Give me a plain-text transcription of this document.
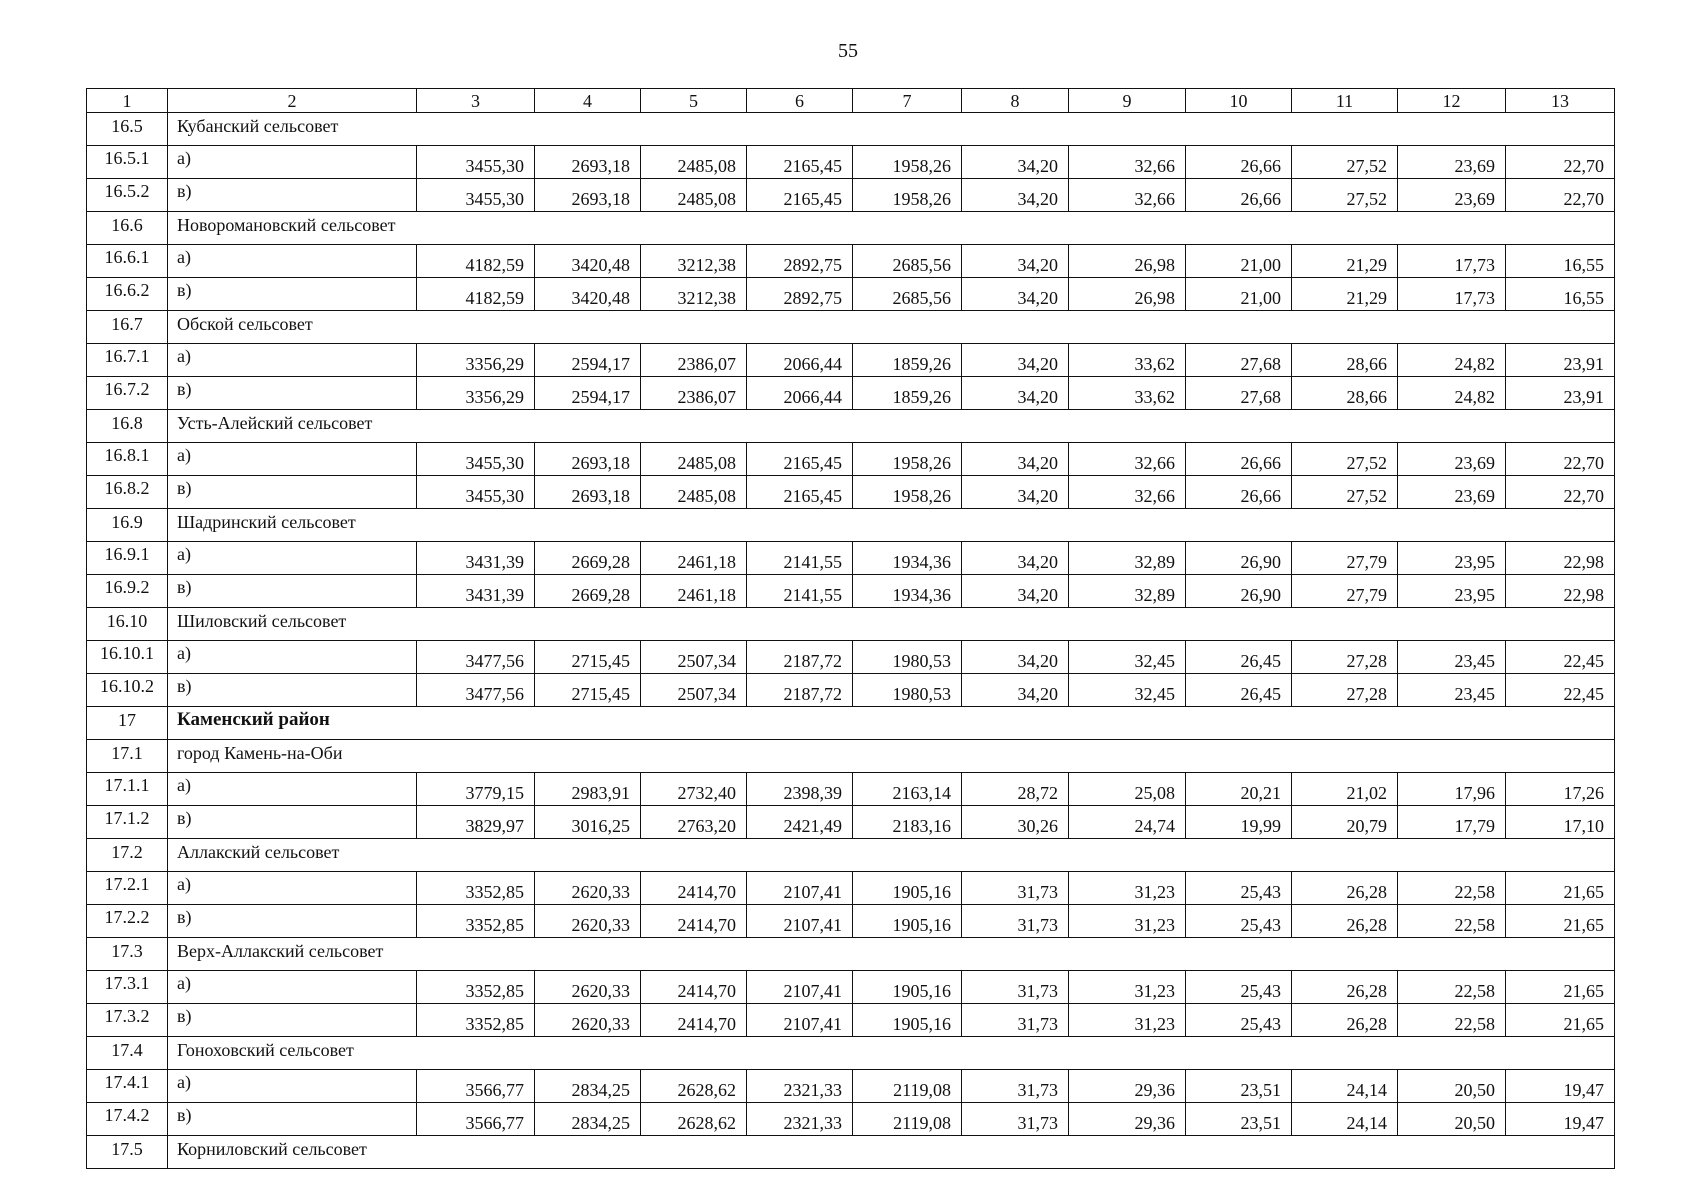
55
1	2	3	4	5	6	7	8	9	10	11	12	13
16.5	Кубанский сельсовет											
16.5.1	а)	3455,30	2693,18	2485,08	2165,45	1958,26	34,20	32,66	26,66	27,52	23,69	22,70
16.5.2	в)	3455,30	2693,18	2485,08	2165,45	1958,26	34,20	32,66	26,66	27,52	23,69	22,70
16.6	Новоромановский сельсовет											
16.6.1	а)	4182,59	3420,48	3212,38	2892,75	2685,56	34,20	26,98	21,00	21,29	17,73	16,55
16.6.2	в)	4182,59	3420,48	3212,38	2892,75	2685,56	34,20	26,98	21,00	21,29	17,73	16,55
16.7	Обской сельсовет											
16.7.1	а)	3356,29	2594,17	2386,07	2066,44	1859,26	34,20	33,62	27,68	28,66	24,82	23,91
16.7.2	в)	3356,29	2594,17	2386,07	2066,44	1859,26	34,20	33,62	27,68	28,66	24,82	23,91
16.8	Усть-Алейский сельсовет											
16.8.1	а)	3455,30	2693,18	2485,08	2165,45	1958,26	34,20	32,66	26,66	27,52	23,69	22,70
16.8.2	в)	3455,30	2693,18	2485,08	2165,45	1958,26	34,20	32,66	26,66	27,52	23,69	22,70
16.9	Шадринский сельсовет											
16.9.1	а)	3431,39	2669,28	2461,18	2141,55	1934,36	34,20	32,89	26,90	27,79	23,95	22,98
16.9.2	в)	3431,39	2669,28	2461,18	2141,55	1934,36	34,20	32,89	26,90	27,79	23,95	22,98
16.10	Шиловский сельсовет											
16.10.1	а)	3477,56	2715,45	2507,34	2187,72	1980,53	34,20	32,45	26,45	27,28	23,45	22,45
16.10.2	в)	3477,56	2715,45	2507,34	2187,72	1980,53	34,20	32,45	26,45	27,28	23,45	22,45
17	Каменский район											
17.1	город Камень-на-Оби											
17.1.1	а)	3779,15	2983,91	2732,40	2398,39	2163,14	28,72	25,08	20,21	21,02	17,96	17,26
17.1.2	в)	3829,97	3016,25	2763,20	2421,49	2183,16	30,26	24,74	19,99	20,79	17,79	17,10
17.2	Аллакский сельсовет											
17.2.1	а)	3352,85	2620,33	2414,70	2107,41	1905,16	31,73	31,23	25,43	26,28	22,58	21,65
17.2.2	в)	3352,85	2620,33	2414,70	2107,41	1905,16	31,73	31,23	25,43	26,28	22,58	21,65
17.3	Верх-Аллакский сельсовет											
17.3.1	а)	3352,85	2620,33	2414,70	2107,41	1905,16	31,73	31,23	25,43	26,28	22,58	21,65
17.3.2	в)	3352,85	2620,33	2414,70	2107,41	1905,16	31,73	31,23	25,43	26,28	22,58	21,65
17.4	Гоноховский сельсовет											
17.4.1	а)	3566,77	2834,25	2628,62	2321,33	2119,08	31,73	29,36	23,51	24,14	20,50	19,47
17.4.2	в)	3566,77	2834,25	2628,62	2321,33	2119,08	31,73	29,36	23,51	24,14	20,50	19,47
17.5	Корниловский сельсовет											
